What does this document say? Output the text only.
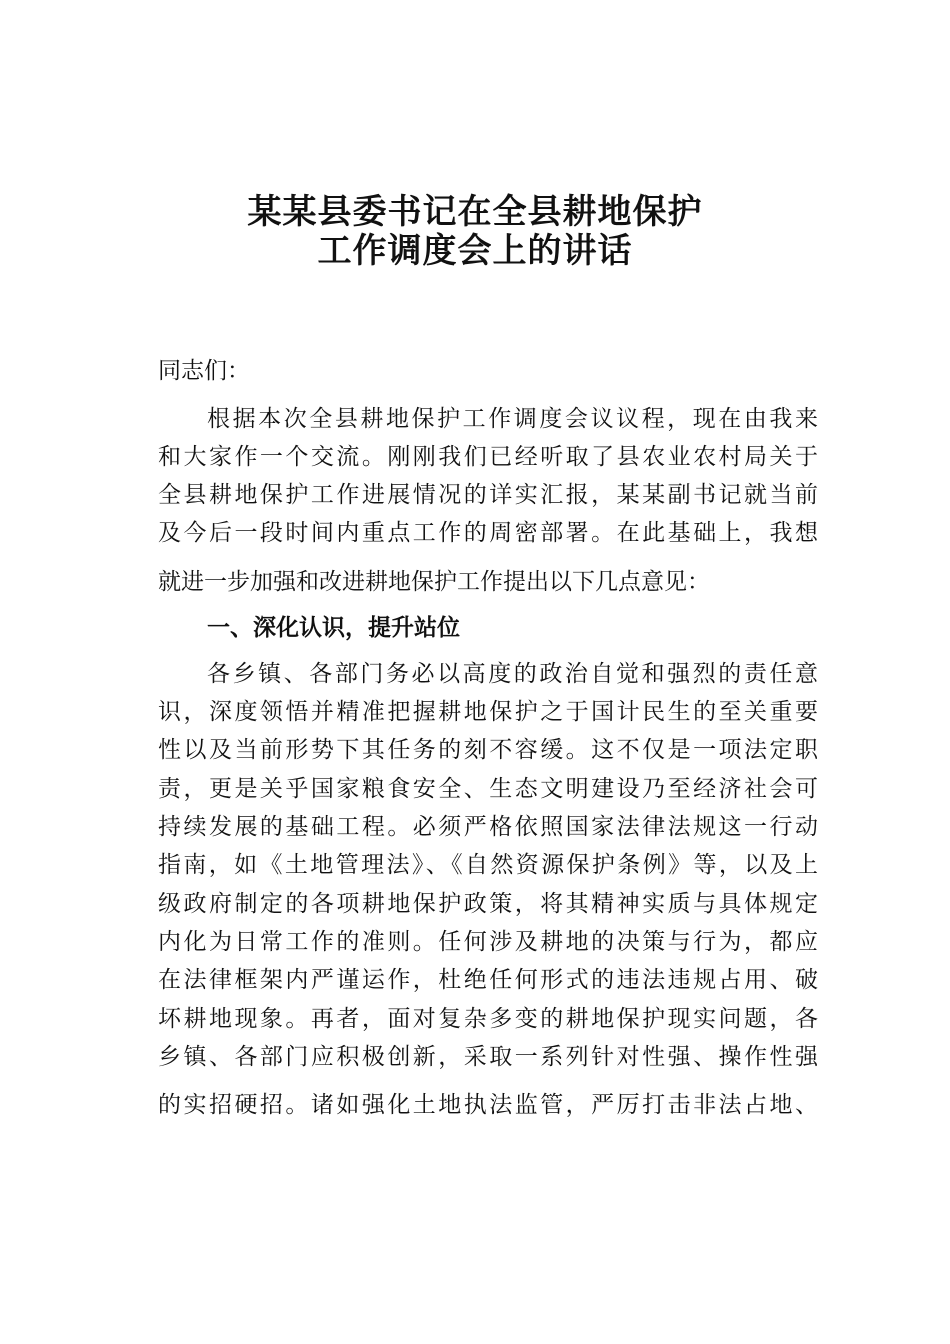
某某县委书记在全县耕地保护
工作调度会上的讲话
同志们：
根据本次全县耕地保护工作调度会议议程，现在由我来
和大家作一个交流。刚刚我们已经听取了县农业农村局关于
全县耕地保护工作进展情况的详实汇报，某某副书记就当前
及今后一段时间内重点工作的周密部署。在此基础上，我想
就进一步加强和改进耕地保护工作提出以下几点意见：
一、深化认识，提升站位
各乡镇、各部门务必以高度的政治自觉和强烈的责任意
识，深度领悟并精准把握耕地保护之于国计民生的至关重要
性以及当前形势下其任务的刻不容缓。这不仅是一项法定职
责，更是关乎国家粮食安全、生态文明建设乃至经济社会可
持续发展的基础工程。必须严格依照国家法律法规这一行动
指南，如《土地管理法》、《自然资源保护条例》等，以及上
级政府制定的各项耕地保护政策，将其精神实质与具体规定
内化为日常工作的准则。任何涉及耕地的决策与行为，都应
在法律框架内严谨运作，杜绝任何形式的违法违规占用、破
坏耕地现象。再者，面对复杂多变的耕地保护现实问题，各
乡镇、各部门应积极创新，采取一系列针对性强、操作性强
的实招硬招。诸如强化土地执法监管，严厉打击非法占地、
